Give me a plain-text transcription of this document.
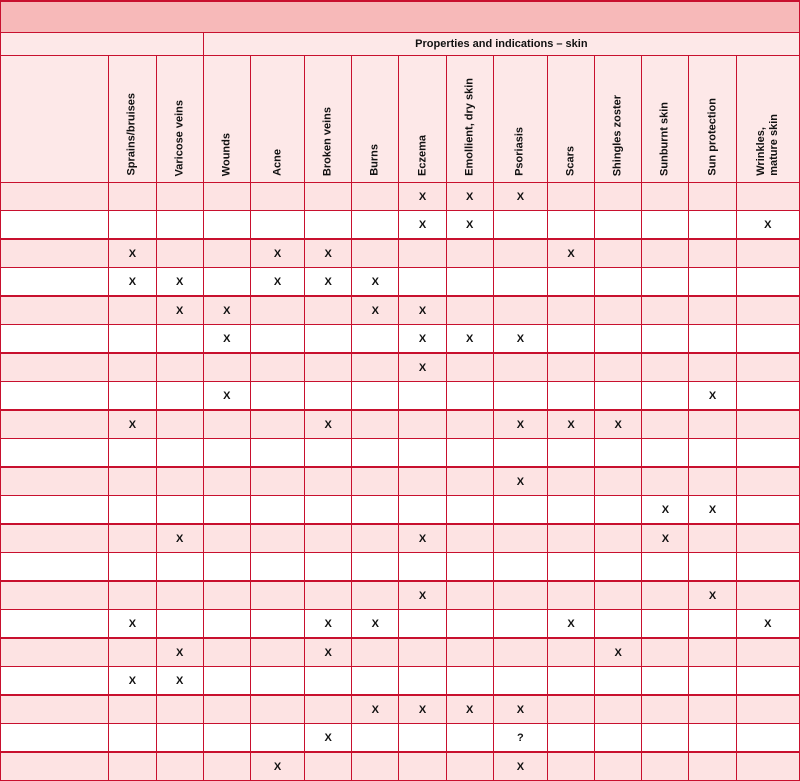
			Properties and indications – skin											

	Sprains/bruises	Varicose veins	Wounds	Acne	Broken veins	Burns	Eczema	Emollient, dry skin	Psoriasis	Scars	Shingles zoster	Sunburnt skin	Sun protection	Wrinkles,
mature skin

							X	X	X					
							X	X						X
	X			X	X					X				
	X	X		X	X	X								
		X	X			X	X							
			X				X	X	X					
							X							
			X										X	
	X				X				X	X	X			

									X					
												X	X	
		X					X					X		

							X						X	
	X				X	X				X				X
		X			X						X			
	X	X												
						X	X	X	X					
					X				?					
				X					X					
